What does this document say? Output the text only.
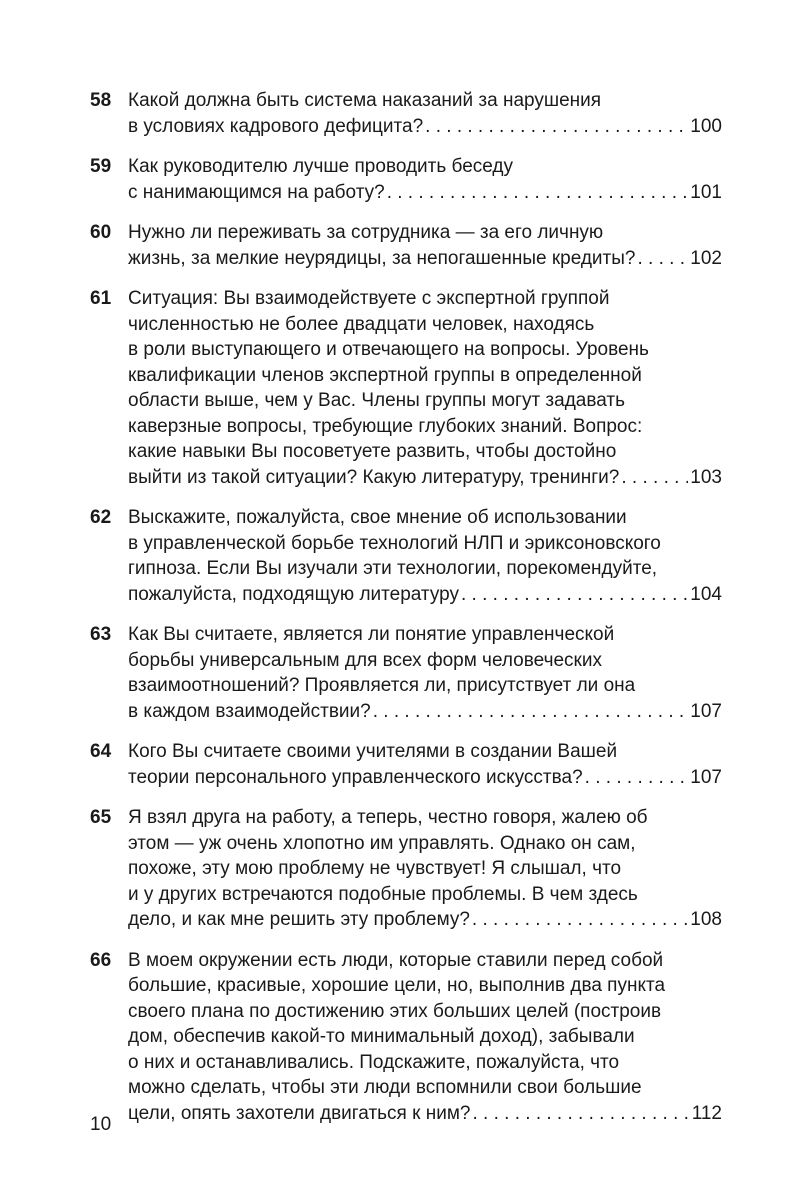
58 Какой должна быть система наказаний за нарушения
в условиях кадрового дефицита? . . .	100
59 Как руководителю лучше проводить беседу
с нанимающимся на работу? . . .	101
60 Нужно ли переживать за сотрудника — за его личную
жизнь, за мелкие неурядицы, за непогашенные кредиты? . . .	102
61 Ситуация: Вы взаимодействуете с экспертной группой
численностью не более двадцати человек, находясь
в роли выступающего и отвечающего на вопросы. Уровень
квалификации членов экспертной группы в определенной
области выше, чем у Вас. Члены группы могут задавать
каверзные вопросы, требующие глубоких знаний. Вопрос:
какие навыки Вы посоветуете развить, чтобы достойно
выйти из такой ситуации? Какую литературу, тренинги? . . .	103
62 Выскажите, пожалуйста, свое мнение об использовании
в управленческой борьбе технологий НЛП и эриксоновского
гипноза. Если Вы изучали эти технологии, порекомендуйте,
пожалуйста, подходящую литературу . . .	104
63 Как Вы считаете, является ли понятие управленческой
борьбы универсальным для всех форм человеческих
взаимоотношений? Проявляется ли, присутствует ли она
в каждом взаимодействии? . . .	107
64 Кого Вы считаете своими учителями в создании Вашей
теории персонального управленческого искусства? . . .	107
65 Я взял друга на работу, а теперь, честно говоря, жалею об
этом — уж очень хлопотно им управлять. Однако он сам,
похоже, эту мою проблему не чувствует! Я слышал, что
и у других встречаются подобные проблемы. В чем здесь
дело, и как мне решить эту проблему? . . .	108
66 В моем окружении есть люди, которые ставили перед собой
большие, красивые, хорошие цели, но, выполнив два пункта
своего плана по достижению этих больших целей (построив
дом, обеспечив какой-то минимальный доход), забывали
о них и останавливались. Подскажите, пожалуйста, что
можно сделать, чтобы эти люди вспомнили свои большие
цели, опять захотели двигаться к ним? . . .	112
10
